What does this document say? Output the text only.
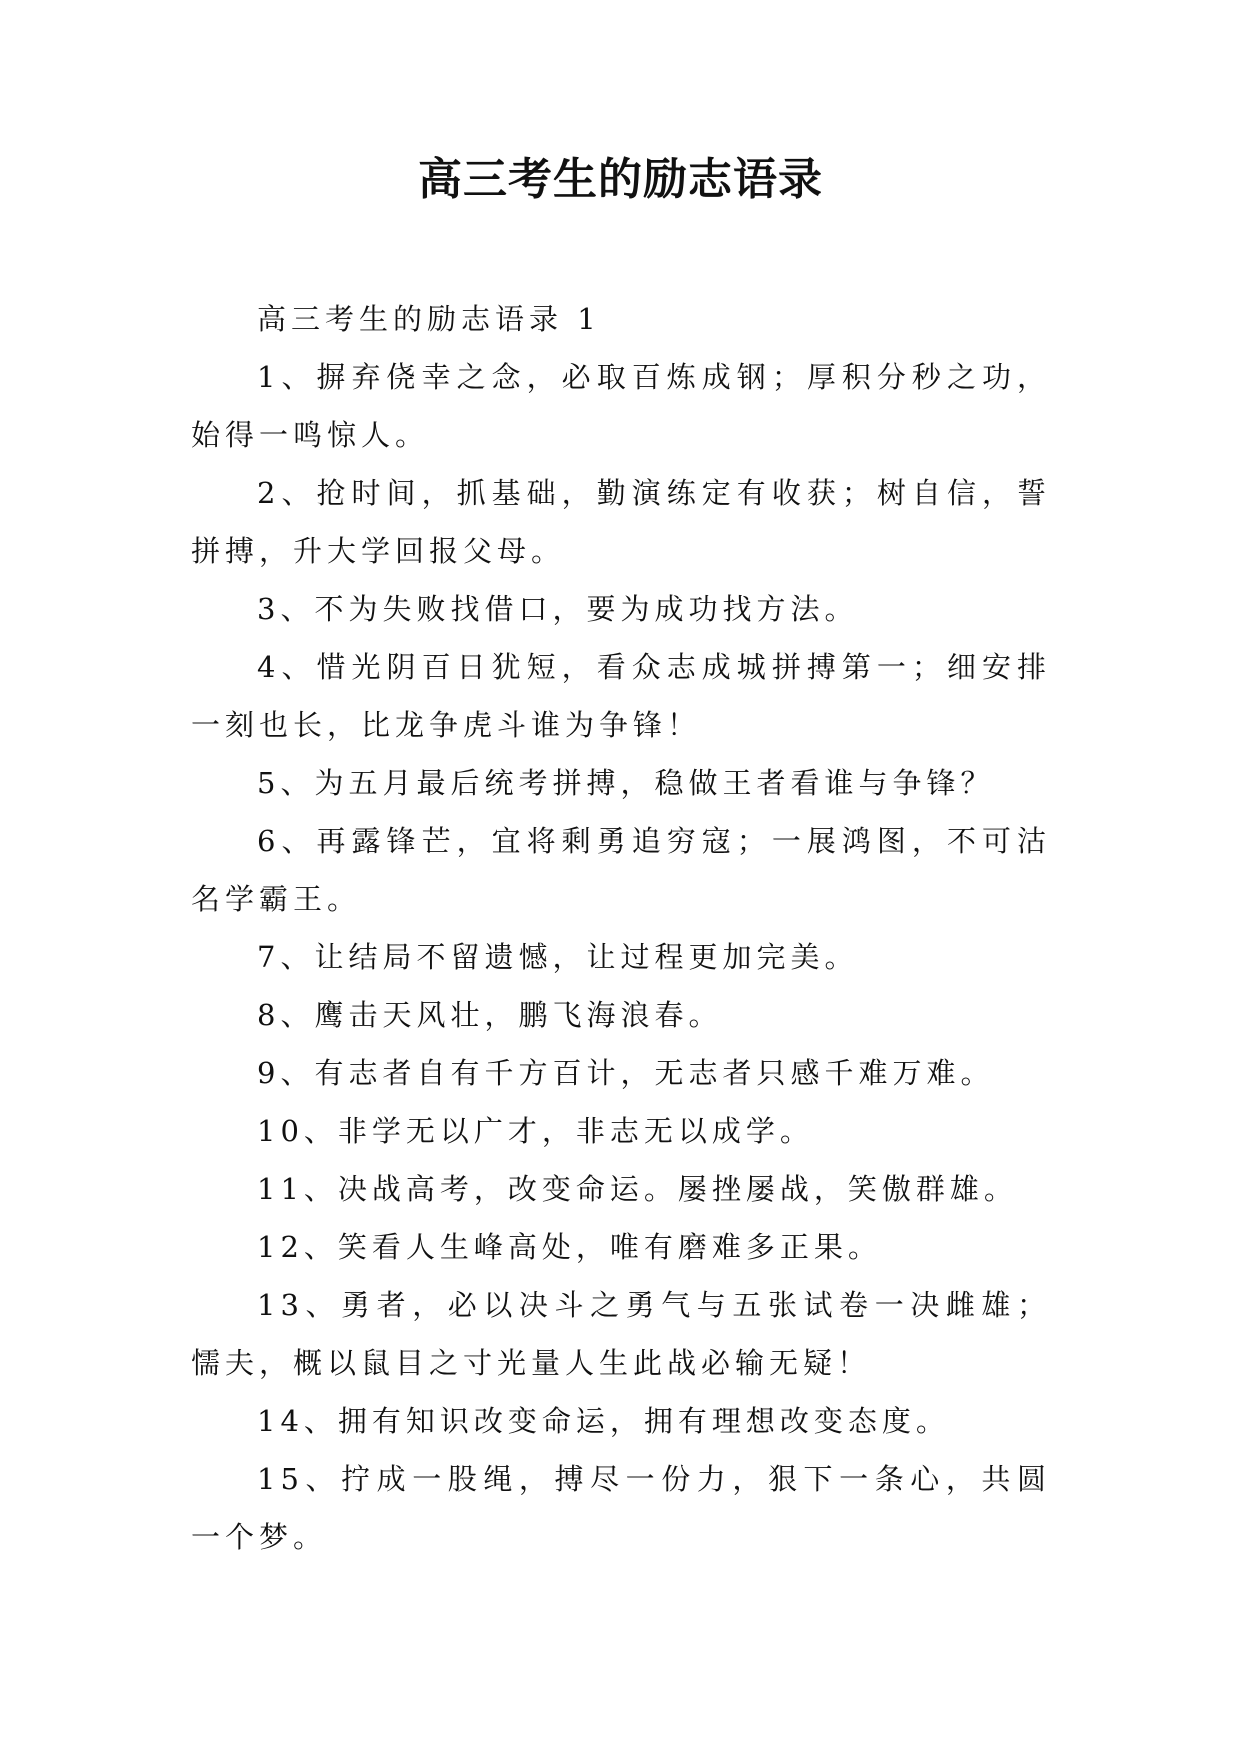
高三考生的励志语录

高三考生的励志语录 1

1、摒弃侥幸之念，必取百炼成钢；厚积分秒之功，始得一鸣惊人。

2、抢时间，抓基础，勤演练定有收获；树自信，誓拼搏，升大学回报父母。

3、不为失败找借口，要为成功找方法。

4、惜光阴百日犹短，看众志成城拼搏第一；细安排一刻也长，比龙争虎斗谁为争锋！

5、为五月最后统考拼搏，稳做王者看谁与争锋？

6、再露锋芒，宜将剩勇追穷寇；一展鸿图，不可沽名学霸王。

7、让结局不留遗憾，让过程更加完美。

8、鹰击天风壮，鹏飞海浪春。

9、有志者自有千方百计，无志者只感千难万难。

10、非学无以广才，非志无以成学。

11、决战高考，改变命运。屡挫屡战，笑傲群雄。

12、笑看人生峰高处，唯有磨难多正果。

13、勇者，必以决斗之勇气与五张试卷一决雌雄；懦夫，概以鼠目之寸光量人生此战必输无疑！

14、拥有知识改变命运，拥有理想改变态度。

15、拧成一股绳，搏尽一份力，狠下一条心，共圆一个梦。
